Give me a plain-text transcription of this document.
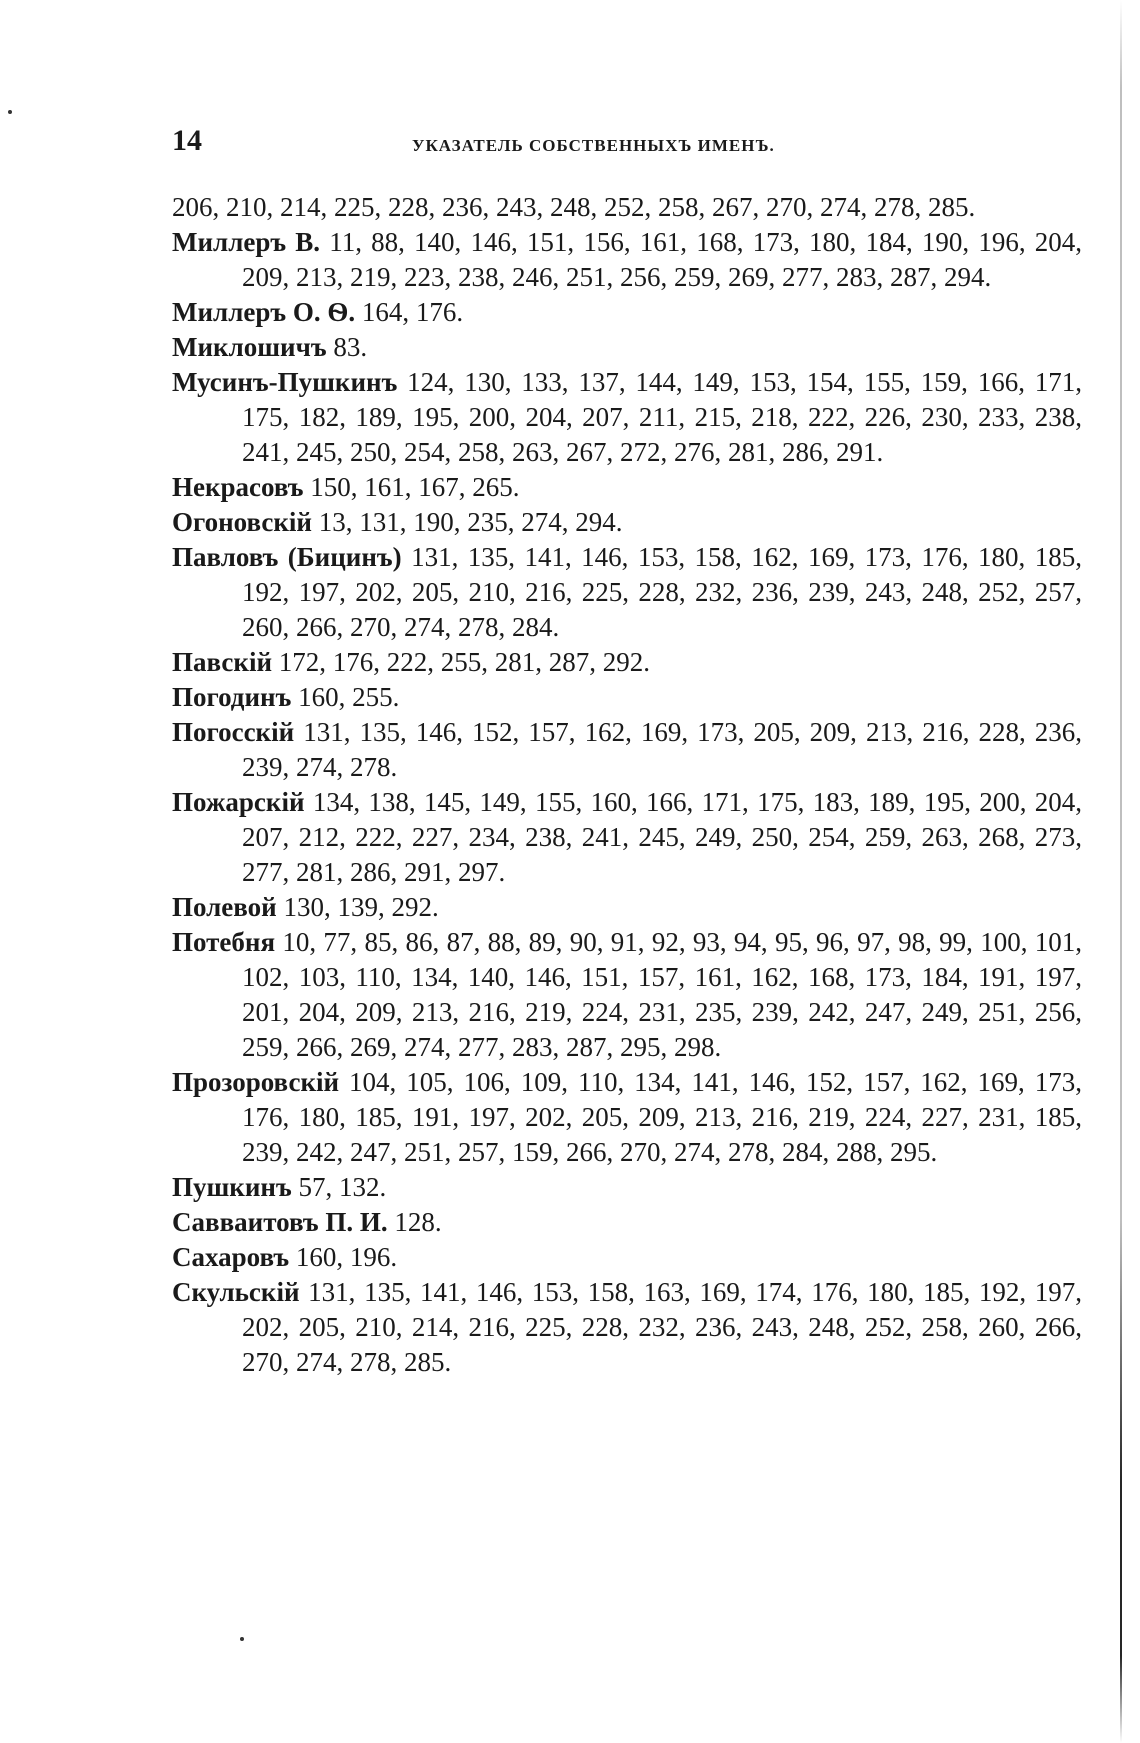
14	УКАЗАТЕЛЬ СОБСТВЕННЫХЪ ИМЕНЪ.

206, 210, 214, 225, 228, 236, 243, 248, 252, 258, 267, 270, 274, 278, 285.

Миллеръ В. 11, 88, 140, 146, 151, 156, 161, 168, 173, 180, 184, 190, 196, 204, 209, 213, 219, 223, 238, 246, 251, 256, 259, 269, 277, 283, 287, 294.

Миллеръ О. Ѳ. 164, 176.

Миклошичъ 83.

Мусинъ-Пушкинъ 124, 130, 133, 137, 144, 149, 153, 154, 155, 159, 166, 171, 175, 182, 189, 195, 200, 204, 207, 211, 215, 218, 222, 226, 230, 233, 238, 241, 245, 250, 254, 258, 263, 267, 272, 276, 281, 286, 291.

Некрасовъ 150, 161, 167, 265.

Огоновскій 13, 131, 190, 235, 274, 294.

Павловъ (Бицинъ) 131, 135, 141, 146, 153, 158, 162, 169, 173, 176, 180, 185, 192, 197, 202, 205, 210, 216, 225, 228, 232, 236, 239, 243, 248, 252, 257, 260, 266, 270, 274, 278, 284.

Павскій 172, 176, 222, 255, 281, 287, 292.

Погодинъ 160, 255.

Погосскій 131, 135, 146, 152, 157, 162, 169, 173, 205, 209, 213, 216, 228, 236, 239, 274, 278.

Пожарскій 134, 138, 145, 149, 155, 160, 166, 171, 175, 183, 189, 195, 200, 204, 207, 212, 222, 227, 234, 238, 241, 245, 249, 250, 254, 259, 263, 268, 273, 277, 281, 286, 291, 297.

Полевой 130, 139, 292.

Потебня 10, 77, 85, 86, 87, 88, 89, 90, 91, 92, 93, 94, 95, 96, 97, 98, 99, 100, 101, 102, 103, 110, 134, 140, 146, 151, 157, 161, 162, 168, 173, 184, 191, 197, 201, 204, 209, 213, 216, 219, 224, 231, 235, 239, 242, 247, 249, 251, 256, 259, 266, 269, 274, 277, 283, 287, 295, 298.

Прозоровскій 104, 105, 106, 109, 110, 134, 141, 146, 152, 157, 162, 169, 173, 176, 180, 185, 191, 197, 202, 205, 209, 213, 216, 219, 224, 227, 231, 185, 239, 242, 247, 251, 257, 159, 266, 270, 274, 278, 284, 288, 295.

Пушкинъ 57, 132.

Савваитовъ П. И. 128.

Сахаровъ 160, 196.

Скульскій 131, 135, 141, 146, 153, 158, 163, 169, 174, 176, 180, 185, 192, 197, 202, 205, 210, 214, 216, 225, 228, 232, 236, 243, 248, 252, 258, 260, 266, 270, 274, 278, 285.
